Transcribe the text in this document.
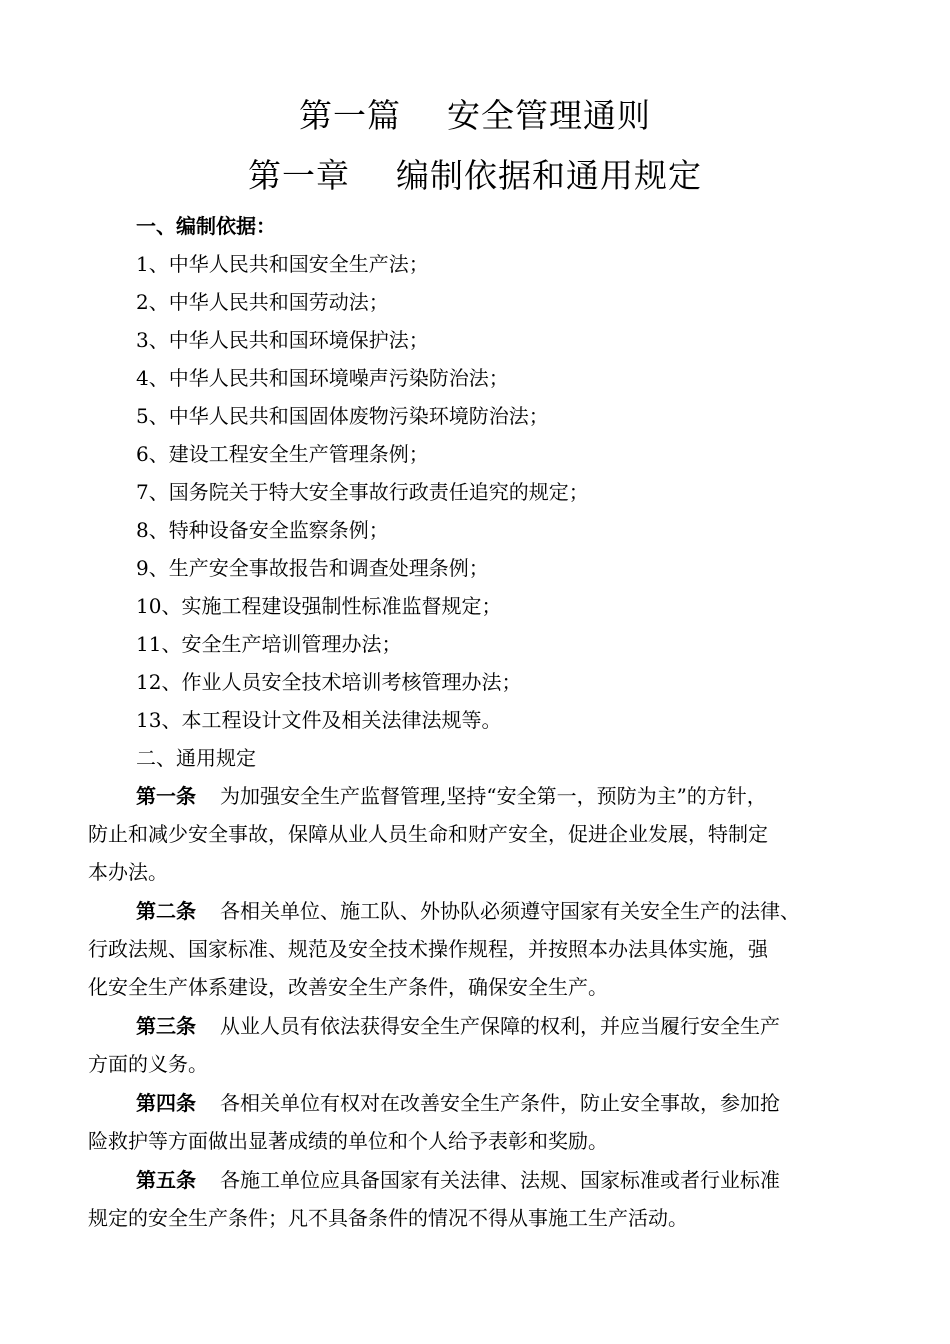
第一篇    安全管理通则
第一章    编制依据和通用规定
一、编制依据：
1、中华人民共和国安全生产法；
2、中华人民共和国劳动法；
3、中华人民共和国环境保护法；
4、中华人民共和国环境噪声污染防治法；
5、中华人民共和国固体废物污染环境防治法；
6、建设工程安全生产管理条例；
7、国务院关于特大安全事故行政责任追究的规定；
8、特种设备安全监察条例；
9、生产安全事故报告和调查处理条例；
10、实施工程建设强制性标准监督规定；
11、安全生产培训管理办法；
12、作业人员安全技术培训考核管理办法；
13、本工程设计文件及相关法律法规等。
二、通用规定
第一条 为加强安全生产监督管理,坚持“安全第一，预防为主”的方针，
防止和减少安全事故，保障从业人员生命和财产安全，促进企业发展，特制定
本办法。
第二条 各相关单位、施工队、外协队必须遵守国家有关安全生产的法律、
行政法规、国家标准、规范及安全技术操作规程，并按照本办法具体实施，强
化安全生产体系建设，改善安全生产条件，确保安全生产。
第三条 从业人员有依法获得安全生产保障的权利，并应当履行安全生产
方面的义务。
第四条 各相关单位有权对在改善安全生产条件，防止安全事故，参加抢
险救护等方面做出显著成绩的单位和个人给予表彰和奖励。
第五条 各施工单位应具备国家有关法律、法规、国家标准或者行业标准
规定的安全生产条件；凡不具备条件的情况不得从事施工生产活动。
